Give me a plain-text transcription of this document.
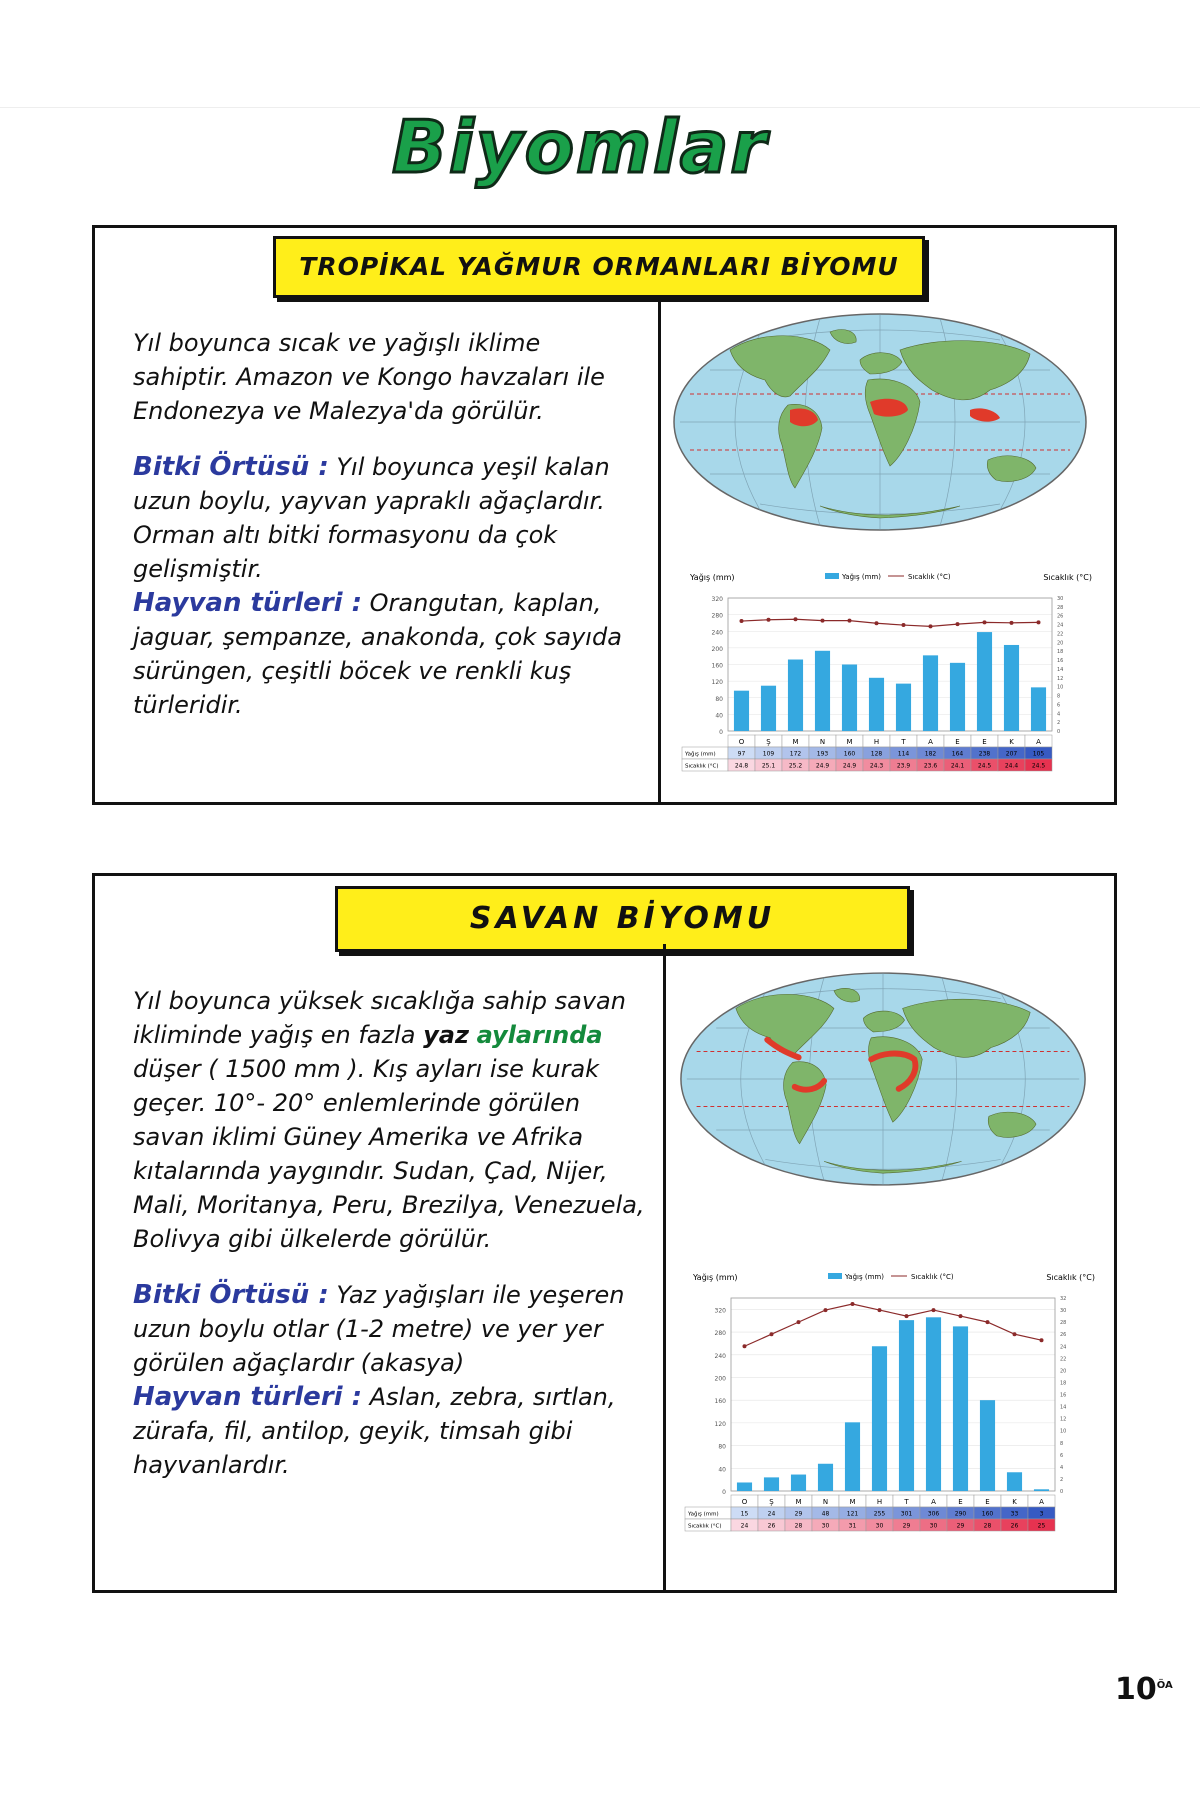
Biyomlar
TROPİKAL YAĞMUR ORMANLARI BİYOMU

Yıl boyunca sıcak ve yağışlı iklime sahiptir. Amazon ve Kongo havzaları ile Endonezya ve Malezya'da görülür.

Bitki Örtüsü : Yıl boyunca yeşil kalan uzun boylu, yayvan yapraklı ağaçlardır. Orman altı bitki formasyonu da çok gelişmiştir.

Hayvan türleri : Orangutan, kaplan, jaguar, şempanze, anakonda, çok sayıda sürüngen, çeşitli böcek ve renkli kuş türleridir.

Yağış (mm)	Sıcaklık (°C)
Yağış (mm)	Sıcaklık (°C)
0
40
80
120
160
200
240
280
320
0
2
4
6
8
10
12
14
16
18
20
22
24
26
28
30
O	Ş	M	N	M	H	T	A	E	E	K	A
Yağış (mm)	97	109	172	193	160	128	114	182	164	238	207	105
Sıcaklık (°C)	24.8 25.1 25.2 24.9 24.9 24.3 23.9 23.6 24.1 24.5 24.4 24.5
SAVAN BİYOMU

Yıl boyunca yüksek sıcaklığa sahip savan ikliminde yağış en fazla yaz aylarında düşer ( 1500 mm ). Kış ayları ise kurak geçer. 10°- 20° enlemlerinde görülen savan iklimi Güney Amerika ve Afrika kıtalarında yaygındır. Sudan, Çad, Nijer, Mali, Moritanya, Peru, Brezilya, Venezuela, Bolivya gibi ülkelerde görülür.

Bitki Örtüsü : Yaz yağışları ile yeşeren uzun boylu otlar (1-2 metre) ve yer yer görülen ağaçlardır (akasya)

Hayvan türleri : Aslan, zebra, sırtlan, zürafa, fil, antilop, geyik, timsah gibi hayvanlardır.

Yağış (mm)	Sıcaklık (°C)
Yağış (mm)	Sıcaklık (°C)
0
40
80
120
160
200
240
280
320
0
2
4
6
8
10
12
14
16
18
20
22
24
26
28
30
32
O	Ş	M	N	M	H	T	A	E	E	K	A
Yağış (mm)	15	24	29	48	121	255	301	306	290	160	33	3
Sıcaklık (°C)	24	26	28	30	31	30	29	30	29	28	26	25
$10^{ÖA}$
